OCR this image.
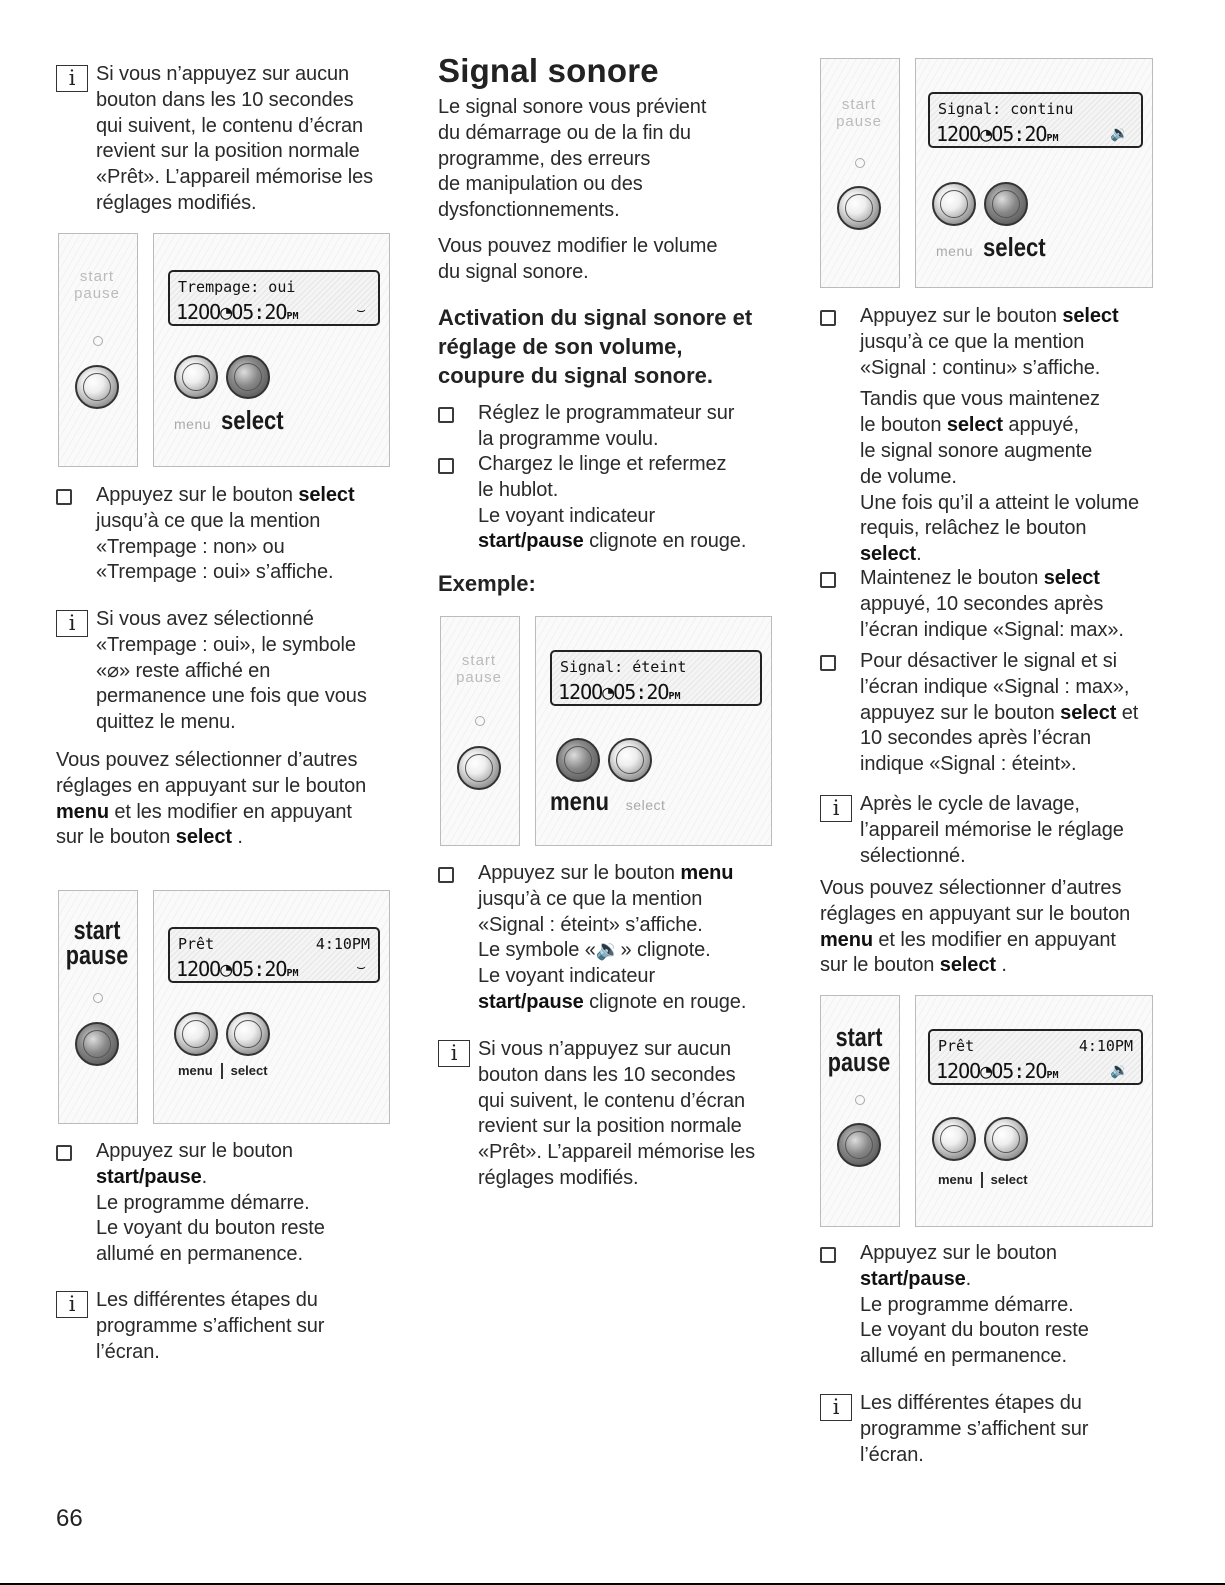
i	Si vous n’appuyez sur aucun

bouton dans les 10 secondes

qui suivent, le contenu d’écran

revient sur la position normale

«Prêt». L’appareil mémorise les

réglages modifiés.

start
pause	Trempage: oui
12OO◔O5:2OPM	⌣
menu select

Appuyez sur le bouton select

jusqu’à ce que la mention

«Trempage : non» ou

«Trempage : oui» s’affiche.

i	Si vous avez sélectionné

«Trempage : oui», le symbole

«⌀» reste affiché en

permanence une fois que vous

quittez le menu.

Vous pouvez sélectionner d’autres

réglages en appuyant sur le bouton

menu et les modifier en appuyant

sur le bouton select .

start
pause	Prêt	4:10PM
12OO◔O5:2OPM	⌣
menu select

Appuyez sur le bouton

start/pause.

Le programme démarre.

Le voyant du bouton reste

allumé en permanence.

i	Les différentes étapes du

programme s’affichent sur

l’écran.

Signal sonore

Le signal sonore vous prévient

du démarrage ou de la fin du

programme, des erreurs

de manipulation ou des

dysfonctionnements.

Vous pouvez modifier le volume

du signal sonore.

Activation du signal sonore et
réglage de son volume,
coupure du signal sonore.

Réglez le programmateur sur

la programme voulu.

Chargez le linge et refermez

le hublot.

Le voyant indicateur

start/pause clignote en rouge.

Exemple:
start
pause
Signal: éteint
12OO◔O5:2OPM
menu select

Appuyez sur le bouton menu

jusqu’à ce que la mention

«Signal : éteint» s’affiche.

Le symbole «🔉» clignote.

Le voyant indicateur

start/pause clignote en rouge.

i	Si vous n’appuyez sur aucun

bouton dans les 10 secondes

qui suivent, le contenu d’écran

revient sur la position normale

«Prêt». L’appareil mémorise les

réglages modifiés.

start
pause
Signal: continu
12OO◔O5:2OPM	🔉
menu select

Appuyez sur le bouton select

jusqu’à ce que la mention

«Signal : continu» s’affiche.

Tandis que vous maintenez

le bouton select appuyé,

le signal sonore augmente

de volume.

Une fois qu’il a atteint le volume

requis, relâchez le bouton

select.

Maintenez le bouton select

appuyé, 10 secondes après

l’écran indique «Signal: max».

Pour désactiver le signal et si

l’écran indique «Signal : max»,

appuyez sur le bouton select et

10 secondes après l’écran

indique «Signal : éteint».

i	Après le cycle de lavage,

l’appareil mémorise le réglage

sélectionné.

Vous pouvez sélectionner d’autres

réglages en appuyant sur le bouton

menu et les modifier en appuyant

sur le bouton select .

start
pause
Prêt	4:10PM
12OO◔O5:2OPM	🔉
menu select

Appuyez sur le bouton

start/pause.

Le programme démarre.

Le voyant du bouton reste

allumé en permanence.

i	Les différentes étapes du

programme s’affichent sur

l’écran.

66
